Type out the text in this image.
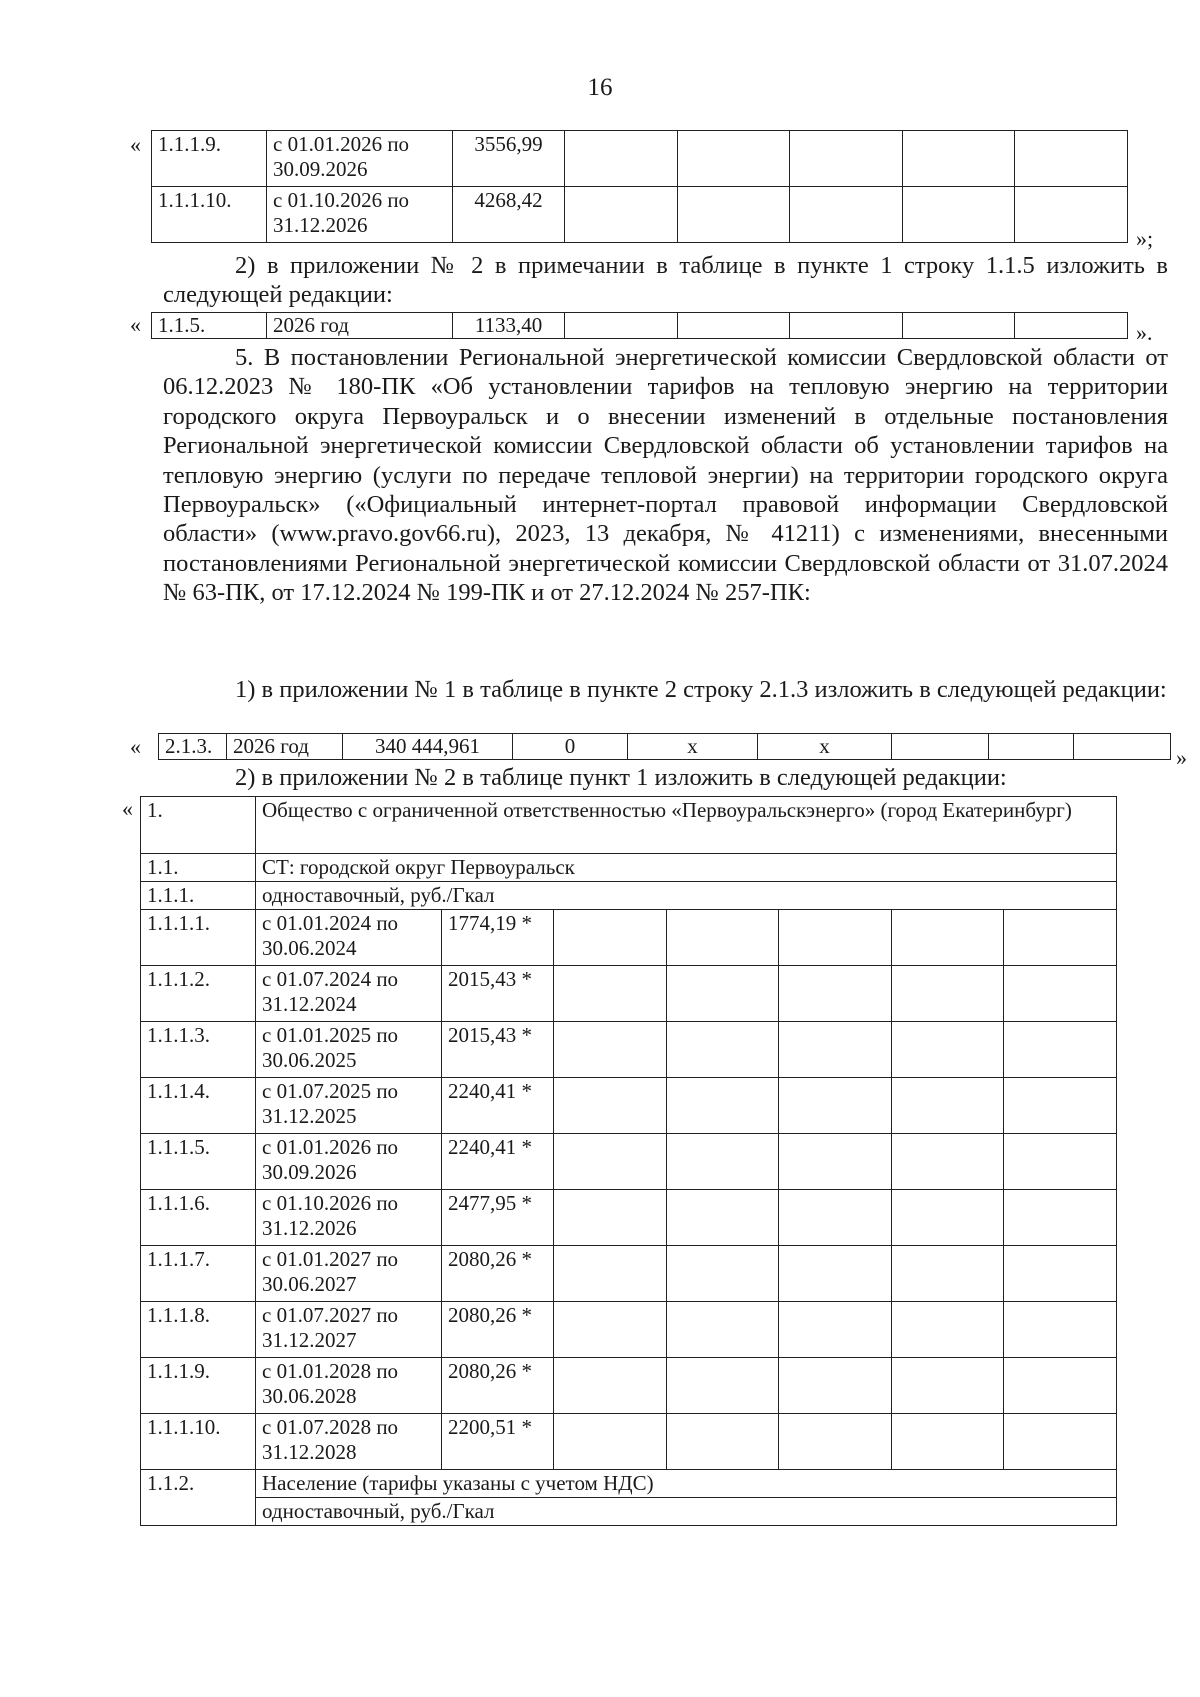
16
« 1.1.1.9.	с 01.01.2026 по 30.09.2026	3556,99					
1.1.1.10.	с 01.10.2026 по 31.12.2026	4268,42					
»;
2) в приложении № 2 в примечании в таблице в пункте 1 строку 1.1.5 изложить в следующей редакции:
« 1.1.5.	2026 год	1133,40						».
5. В постановлении Региональной энергетической комиссии Свердловской области от 06.12.2023 № 180-ПК «Об установлении тарифов на тепловую энергию на территории городского округа Первоуральск и о внесении изменений в отдельные постановления Региональной энергетической комиссии Свердловской области об установлении тарифов на тепловую энергию (услуги по передаче тепловой энергии) на территории городского округа Первоуральск» («Официальный интернет-портал правовой информации Свердловской области» (www.pravo.gov66.ru), 2023, 13 декабря, № 41211) с изменениями, внесенными постановлениями Региональной энергетической комиссии Свердловской области от 31.07.2024 № 63-ПК, от 17.12.2024 № 199-ПК и от 27.12.2024 № 257-ПК:
1) в приложении № 1 в таблице в пункте 2 строку 2.1.3 изложить в следующей редакции:
« 2.1.3.	2026 год	340 444,961	0	x	x				»
2) в приложении № 2 в таблице пункт 1 изложить в следующей редакции:
« 1.	Общество с ограниченной ответственностью «Первоуральскэнерго» (город Екатеринбург)						
1.1.	СТ: городской округ Первоуральск						
1.1.1.	одноставочный, руб./Гкал						
1.1.1.1.	с 01.01.2024 по 30.06.2024	1774,19 *					
1.1.1.2.	с 01.07.2024 по 31.12.2024	2015,43 *					
1.1.1.3.	с 01.01.2025 по 30.06.2025	2015,43 *					
1.1.1.4.	с 01.07.2025 по 31.12.2025	2240,41 *					
1.1.1.5.	с 01.01.2026 по 30.09.2026	2240,41 *					
1.1.1.6.	с 01.10.2026 по 31.12.2026	2477,95 *					
1.1.1.7.	с 01.01.2027 по 30.06.2027	2080,26 *					
1.1.1.8.	с 01.07.2027 по 31.12.2027	2080,26 *					
1.1.1.9.	с 01.01.2028 по 30.06.2028	2080,26 *					
1.1.1.10.	с 01.07.2028 по 31.12.2028	2200,51 *					
1.1.2.	Население (тарифы указаны с учетом НДС)						
	одноставочный, руб./Гкал						
